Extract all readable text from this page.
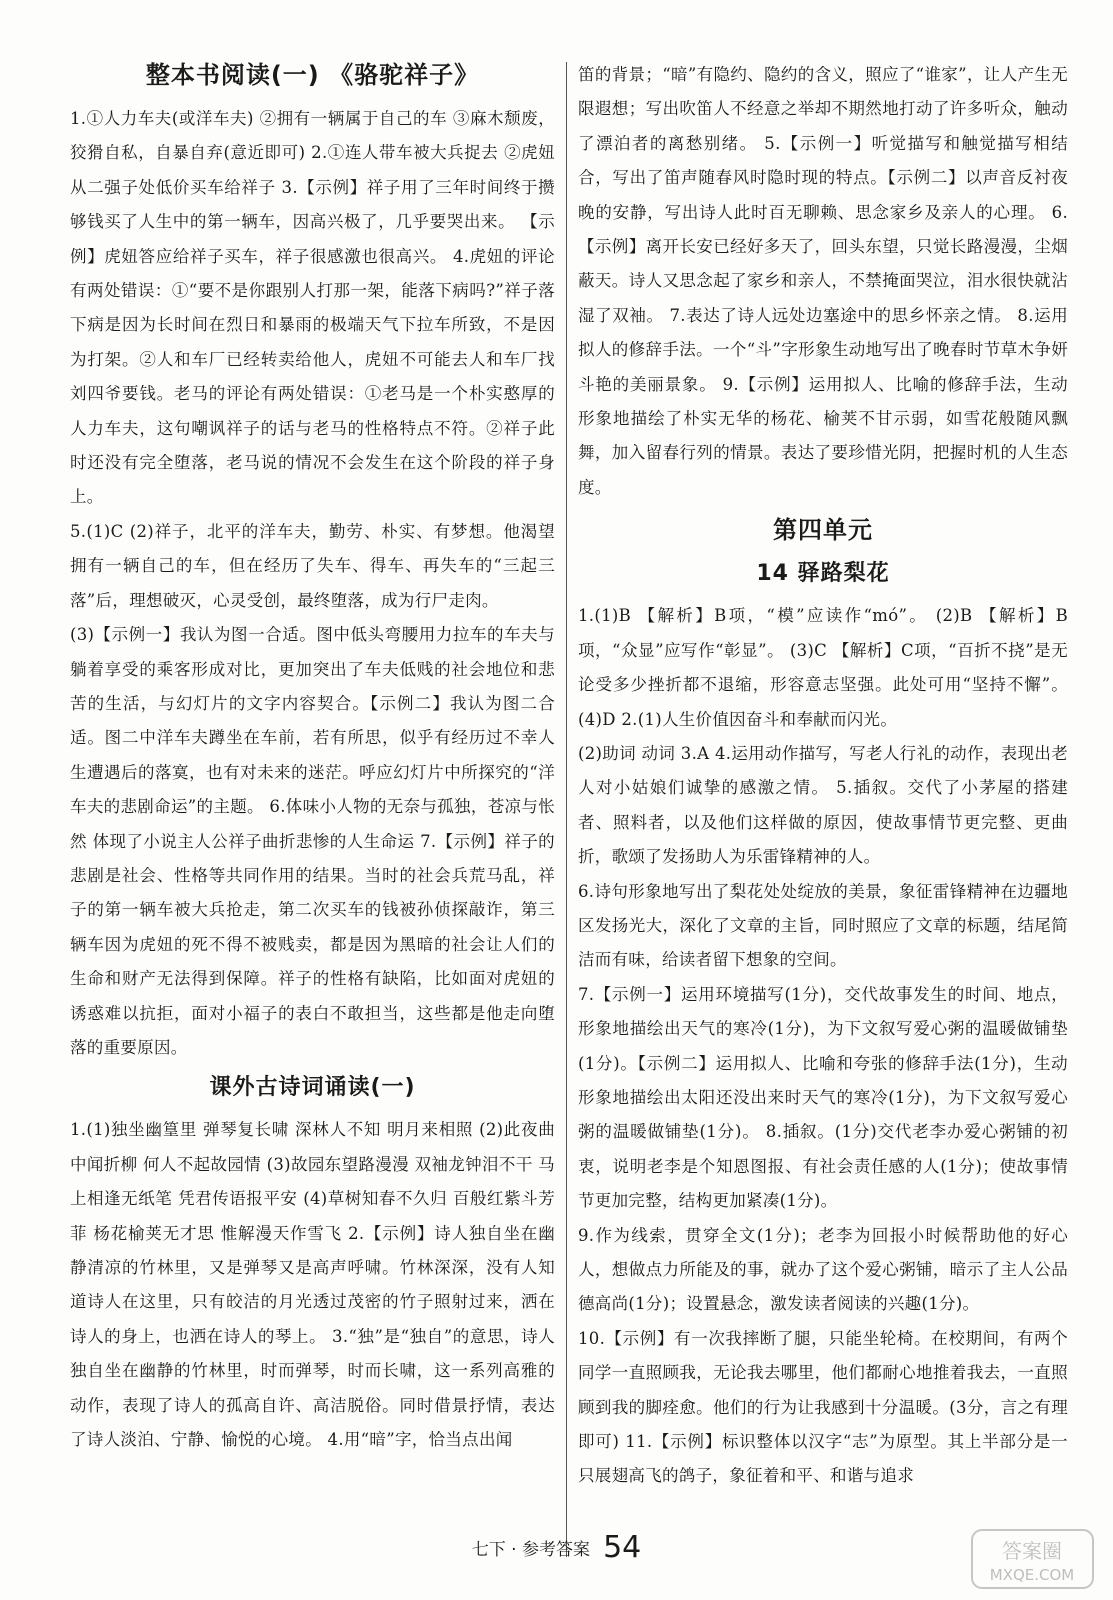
整本书阅读(一) 《骆驼祥子》

1.①人力车夫(或洋车夫) ②拥有一辆属于自己的车 ③麻木颓废，狡猾自私，自暴自弃(意近即可) 2.①连人带车被大兵捉去 ②虎妞从二强子处低价买车给祥子 3.【示例】祥子用了三年时间终于攒够钱买了人生中的第一辆车，因高兴极了，几乎要哭出来。 【示例】虎妞答应给祥子买车，祥子很感激也很高兴。 4.虎妞的评论有两处错误：①“要不是你跟别人打那一架，能落下病吗?”祥子落下病是因为长时间在烈日和暴雨的极端天气下拉车所致，不是因为打架。②人和车厂已经转卖给他人，虎妞不可能去人和车厂找刘四爷要钱。老马的评论有两处错误：①老马是一个朴实憨厚的人力车夫，这句嘲讽祥子的话与老马的性格特点不符。②祥子此时还没有完全堕落，老马说的情况不会发生在这个阶段的祥子身上。

5.(1)C (2)祥子，北平的洋车夫，勤劳、朴实、有梦想。他渴望拥有一辆自己的车，但在经历了失车、得车、再失车的“三起三落”后，理想破灭，心灵受创，最终堕落，成为行尸走肉。

(3)【示例一】我认为图一合适。图中低头弯腰用力拉车的车夫与躺着享受的乘客形成对比，更加突出了车夫低贱的社会地位和悲苦的生活，与幻灯片的文字内容契合。【示例二】我认为图二合适。图二中洋车夫蹲坐在车前，若有所思，似乎有经历过不幸人生遭遇后的落寞，也有对未来的迷茫。呼应幻灯片中所探究的“洋车夫的悲剧命运”的主题。 6.体味小人物的无奈与孤独，苍凉与怅然 体现了小说主人公祥子曲折悲惨的人生命运 7.【示例】祥子的悲剧是社会、性格等共同作用的结果。当时的社会兵荒马乱，祥子的第一辆车被大兵抢走，第二次买车的钱被孙侦探敲诈，第三辆车因为虎妞的死不得不被贱卖，都是因为黑暗的社会让人们的生命和财产无法得到保障。祥子的性格有缺陷，比如面对虎妞的诱惑难以抗拒，面对小福子的表白不敢担当，这些都是他走向堕落的重要原因。

课外古诗词诵读(一)

1.(1)独坐幽篁里 弹琴复长啸 深林人不知 明月来相照 (2)此夜曲中闻折柳 何人不起故园情 (3)故园东望路漫漫 双袖龙钟泪不干 马上相逢无纸笔 凭君传语报平安 (4)草树知春不久归 百般红紫斗芳菲 杨花榆荚无才思 惟解漫天作雪飞 2.【示例】诗人独自坐在幽静清凉的竹林里，又是弹琴又是高声呼啸。竹林深深，没有人知道诗人在这里，只有皎洁的月光透过茂密的竹子照射过来，洒在诗人的身上，也洒在诗人的琴上。 3.“独”是“独自”的意思，诗人独自坐在幽静的竹林里，时而弹琴，时而长啸，这一系列高雅的动作，表现了诗人的孤高自许、高洁脱俗。同时借景抒情，表达了诗人淡泊、宁静、愉悦的心境。 4.用“暗”字，恰当点出闻

笛的背景；“暗”有隐约、隐约的含义，照应了“谁家”，让人产生无限遐想；写出吹笛人不经意之举却不期然地打动了许多听众，触动了漂泊者的离愁别绪。 5.【示例一】听觉描写和触觉描写相结合，写出了笛声随春风时隐时现的特点。【示例二】以声音反衬夜晚的安静，写出诗人此时百无聊赖、思念家乡及亲人的心理。 6.【示例】离开长安已经好多天了，回头东望，只觉长路漫漫，尘烟蔽天。诗人又思念起了家乡和亲人，不禁掩面哭泣，泪水很快就沾湿了双袖。 7.表达了诗人远处边塞途中的思乡怀亲之情。 8.运用拟人的修辞手法。一个“斗”字形象生动地写出了晚春时节草木争妍斗艳的美丽景象。 9.【示例】运用拟人、比喻的修辞手法，生动形象地描绘了朴实无华的杨花、榆荚不甘示弱，如雪花般随风飘舞，加入留春行列的情景。表达了要珍惜光阴，把握时机的人生态度。

第四单元
14 驿路梨花

1.(1)B 【解析】B项，“模”应读作“mó”。 (2)B 【解析】B项，“众显”应写作“彰显”。 (3)C 【解析】C项，“百折不挠”是无论受多少挫折都不退缩，形容意志坚强。此处可用“坚持不懈”。 (4)D 2.(1)人生价值因奋斗和奉献而闪光。

(2)助词 动词 3.A 4.运用动作描写，写老人行礼的动作，表现出老人对小姑娘们诚挚的感激之情。 5.插叙。交代了小茅屋的搭建者、照料者，以及他们这样做的原因，使故事情节更完整、更曲折，歌颂了发扬助人为乐雷锋精神的人。

6.诗句形象地写出了梨花处处绽放的美景，象征雷锋精神在边疆地区发扬光大，深化了文章的主旨，同时照应了文章的标题，结尾简洁而有味，给读者留下想象的空间。

7.【示例一】运用环境描写(1分)，交代故事发生的时间、地点，形象地描绘出天气的寒冷(1分)，为下文叙写爱心粥的温暖做铺垫(1分)。【示例二】运用拟人、比喻和夸张的修辞手法(1分)，生动形象地描绘出太阳还没出来时天气的寒冷(1分)，为下文叙写爱心粥的温暖做铺垫(1分)。 8.插叙。(1分)交代老李办爱心粥铺的初衷，说明老李是个知恩图报、有社会责任感的人(1分)；使故事情节更加完整，结构更加紧凑(1分)。

9.作为线索，贯穿全文(1分)；老李为回报小时候帮助他的好心人，想做点力所能及的事，就办了这个爱心粥铺，暗示了主人公品德高尚(1分)；设置悬念，激发读者阅读的兴趣(1分)。

10.【示例】有一次我摔断了腿，只能坐轮椅。在校期间，有两个同学一直照顾我，无论我去哪里，他们都耐心地推着我去，一直照顾到我的脚痊愈。他们的行为让我感到十分温暖。(3分，言之有理即可) 11.【示例】标识整体以汉字“志”为原型。其上半部分是一只展翅高飞的鸽子，象征着和平、和谐与追求

七下 · 参考答案 54	答案圈
MXQE.COM
